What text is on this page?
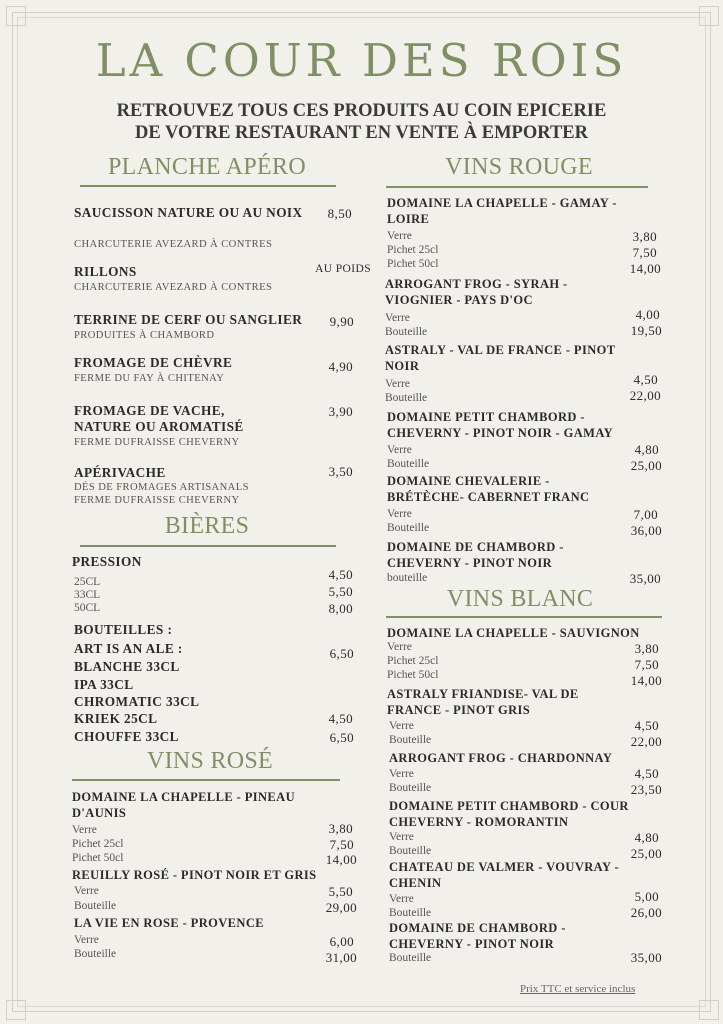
LA COUR DES ROIS
RETROUVEZ TOUS CES PRODUITS AU COIN EPICERIE DE VOTRE RESTAURANT EN VENTE À EMPORTER
PLANCHE APÉRO
SAUCISSON NATURE OU AU NOIX
CHARCUTERIE AVEZARD À CONTRES
8,50
RILLONS
CHARCUTERIE AVEZARD À CONTRES
AU POIDS
TERRINE DE CERF OU SANGLIER
PRODUITES À CHAMBORD
9,90
FROMAGE DE CHÈVRE
FERME DU FAY À CHITENAY
4,90
FROMAGE DE VACHE, NATURE OU AROMATISÉ
FERME DUFRAISSE CHEVERNY
3,90
APÉRIVACHE
DÉS DE FROMAGES ARTISANALS
FERME DUFRAISSE CHEVERNY
3,50
BIÈRES
PRESSION
25CL
33CL
50CL
4,50
5,50
8,00
BOUTEILLES :
ART IS AN ALE :
BLANCHE 33CL
IPA 33CL
CHROMATIC 33CL
KRIEK 25CL
CHOUFFE 33CL
6,50
4,50
6,50
VINS ROSÉ
DOMAINE LA CHAPELLE - PINEAU D'AUNIS
Verre
Pichet 25cl
Pichet 50cl
3,80
7,50
14,00
REUILLY ROSÉ - PINOT NOIR ET GRIS
Verre
Bouteille
5,50
29,00
LA VIE EN ROSE - PROVENCE
Verre
Bouteille
6,00
31,00
VINS ROUGE
DOMAINE LA CHAPELLE - GAMAY - LOIRE
Verre
Pichet 25cl
Pichet 50cl
3,80
7,50
14,00
ARROGANT FROG - SYRAH - VIOGNIER - PAYS D'OC
Verre
Bouteille
4,00
19,50
ASTRALY - VAL DE FRANCE - PINOT NOIR
Verre
Bouteille
4,50
22,00
DOMAINE PETIT CHAMBORD - CHEVERNY - PINOT NOIR - GAMAY
Verre
Bouteille
4,80
25,00
DOMAINE CHEVALERIE - BRÉTÈCHE- CABERNET FRANC
Verre
Bouteille
7,00
36,00
DOMAINE DE CHAMBORD - CHEVERNY - PINOT NOIR
bouteille	35,00
VINS BLANC
DOMAINE LA CHAPELLE - SAUVIGNON
Verre
Pichet 25cl
Pichet 50cl
3,80
7,50
14,00
ASTRALY FRIANDISE- VAL DE FRANCE - PINOT GRIS
Verre
Bouteille
4,50
22,00
ARROGANT FROG - CHARDONNAY
Verre
Bouteille
4,50
23,50
DOMAINE PETIT CHAMBORD - COUR CHEVERNY - ROMORANTIN
Verre
Bouteille
4,80
25,00
CHATEAU DE VALMER - VOUVRAY - CHENIN
Verre
Bouteille
5,00
26,00
DOMAINE DE CHAMBORD - CHEVERNY - PINOT NOIR
Bouteille	35,00
Prix TTC et service inclus
